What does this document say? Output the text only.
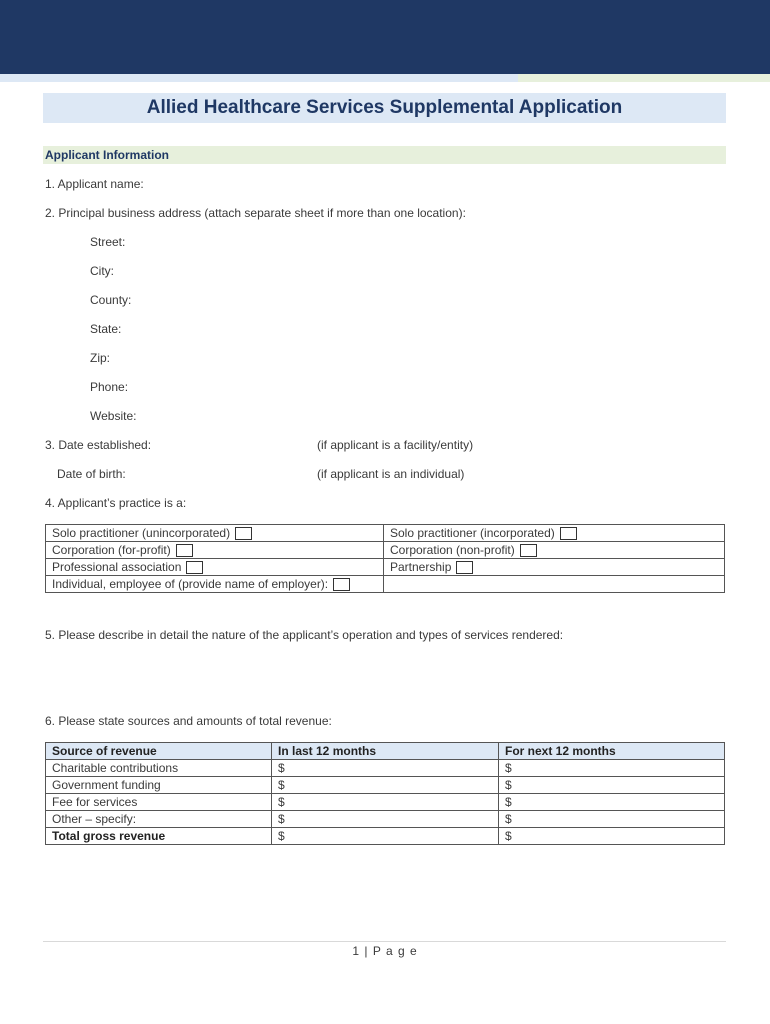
Allied Healthcare Services Supplemental Application
Applicant Information
1. Applicant name:
2. Principal business address (attach separate sheet if more than one location):
Street:
City:
County:
State:
Zip:
Phone:
Website:
3. Date established:	(if applicant is a facility/entity)
Date of birth:	(if applicant is an individual)
4. Applicant’s practice is a:
Solo practitioner (unincorporated)	Solo practitioner (incorporated)
Corporation (for-profit)	Corporation (non-profit)
Professional association	Partnership
Individual, employee of (provide name of employer):	
5. Please describe in detail the nature of the applicant’s operation and types of services rendered:
6. Please state sources and amounts of total revenue:
Source of revenue	In last 12 months	For next 12 months
Charitable contributions	$	$
Government funding	$	$
Fee for services	$	$
Other – specify:	$	$
Total gross revenue	$	$
1 | P a g e
